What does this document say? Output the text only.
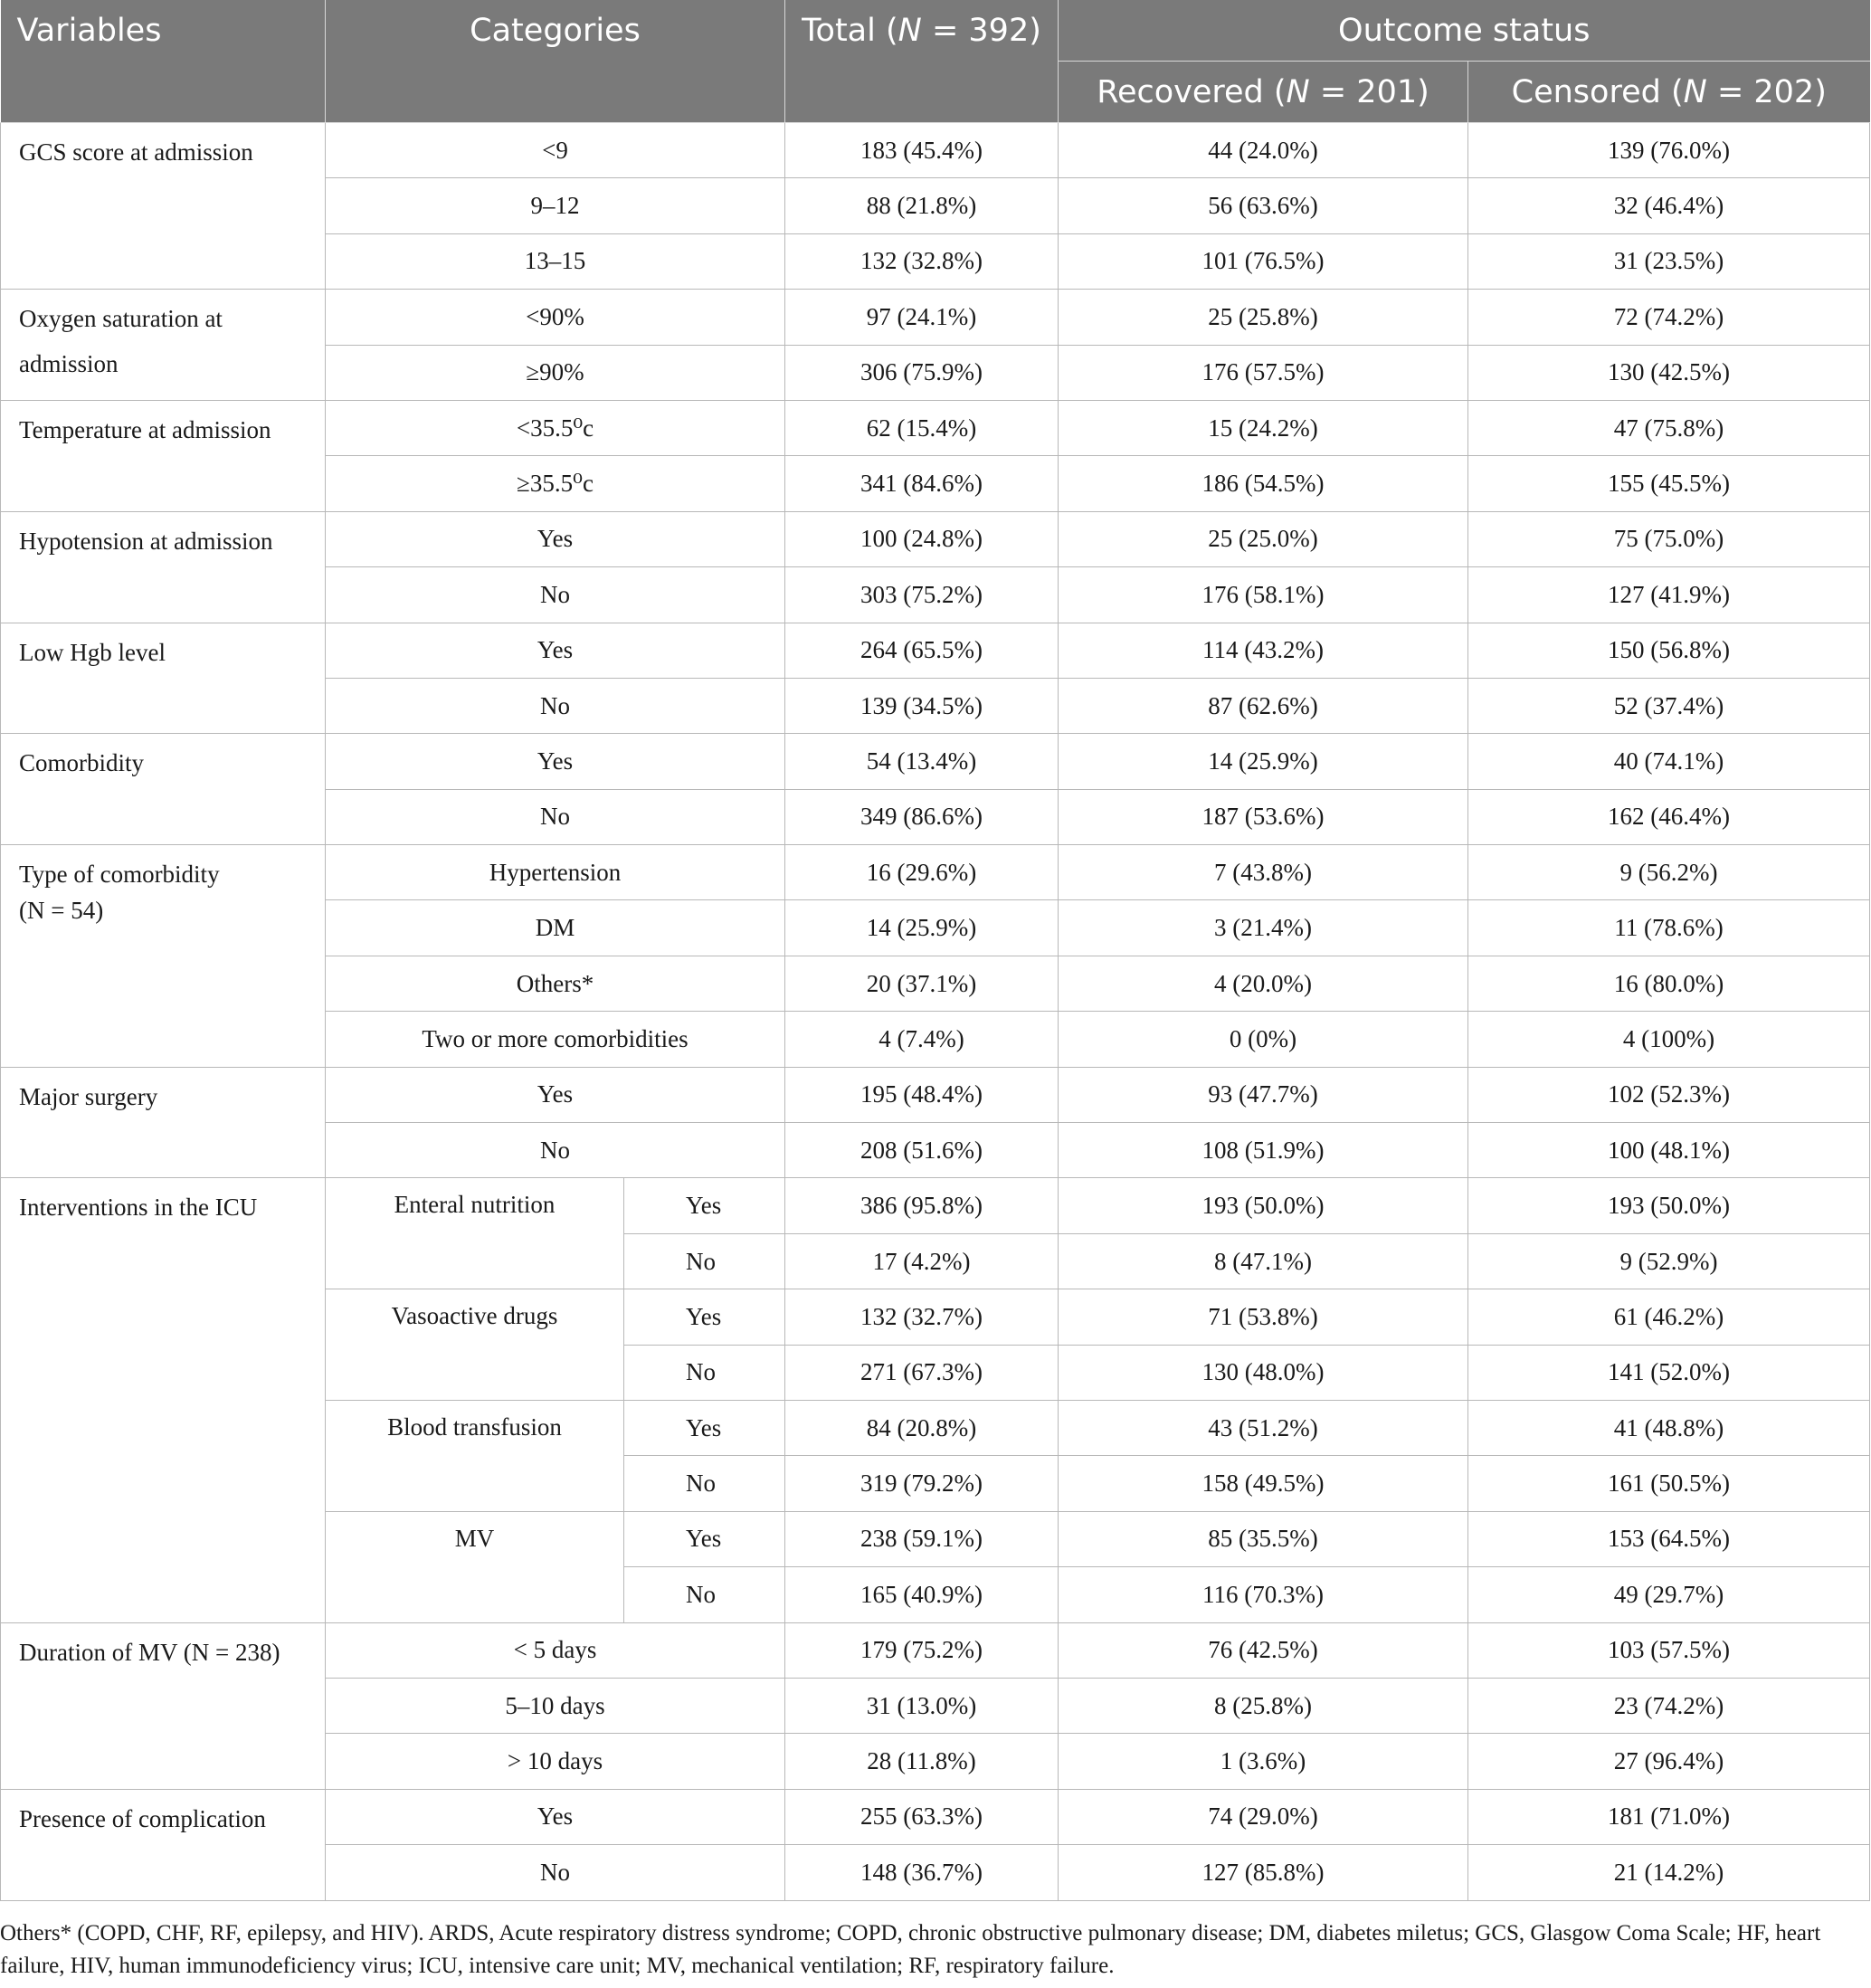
Variables	Categories		Total (N = 392)	Outcome status	
				Recovered (N = 201)	Censored (N = 202)

GCS score at admission	<9		183 (45.4%)	44 (24.0%)	139 (76.0%)
	9–12		88 (21.8%)	56 (63.6%)	32 (46.4%)
	13–15		132 (32.8%)	101 (76.5%)	31 (23.5%)

Oxygen saturation at admission	<90%		97 (24.1%)	25 (25.8%)	72 (74.2%)
	≥90%		306 (75.9%)	176 (57.5%)	130 (42.5%)

Temperature at admission	<35.5⁰c		62 (15.4%)	15 (24.2%)	47 (75.8%)
	≥35.5⁰c		341 (84.6%)	186 (54.5%)	155 (45.5%)

Hypotension at admission	Yes		100 (24.8%)	25 (25.0%)	75 (75.0%)
	No		303 (75.2%)	176 (58.1%)	127 (41.9%)

Low Hgb level	Yes		264 (65.5%)	114 (43.2%)	150 (56.8%)
	No		139 (34.5%)	87 (62.6%)	52 (37.4%)

Comorbidity	Yes		54 (13.4%)	14 (25.9%)	40 (74.1%)
	No		349 (86.6%)	187 (53.6%)	162 (46.4%)

Type of comorbidity
(N = 54)	Hypertension		16 (29.6%)	7 (43.8%)	9 (56.2%)
	DM		14 (25.9%)	3 (21.4%)	11 (78.6%)
	Others*		20 (37.1%)	4 (20.0%)	16 (80.0%)
	Two or more comorbidities		4 (7.4%)	0 (0%)	4 (100%)

Major surgery	Yes		195 (48.4%)	93 (47.7%)	102 (52.3%)
	No		208 (51.6%)	108 (51.9%)	100 (48.1%)

Interventions in the ICU	Enteral nutrition	Yes	386 (95.8%)	193 (50.0%)	193 (50.0%)
		No	17 (4.2%)	8 (47.1%)	9 (52.9%)
	Vasoactive drugs	Yes	132 (32.7%)	71 (53.8%)	61 (46.2%)
		No	271 (67.3%)	130 (48.0%)	141 (52.0%)
	Blood transfusion	Yes	84 (20.8%)	43 (51.2%)	41 (48.8%)
		No	319 (79.2%)	158 (49.5%)	161 (50.5%)
	MV	Yes	238 (59.1%)	85 (35.5%)	153 (64.5%)
		No	165 (40.9%)	116 (70.3%)	49 (29.7%)

Duration of MV (N = 238)	< 5 days		179 (75.2%)	76 (42.5%)	103 (57.5%)
	5–10 days		31 (13.0%)	8 (25.8%)	23 (74.2%)
	> 10 days		28 (11.8%)	1 (3.6%)	27 (96.4%)

Presence of complication	Yes		255 (63.3%)	74 (29.0%)	181 (71.0%)
	No		148 (36.7%)	127 (85.8%)	21 (14.2%)
Others* (COPD, CHF, RF, epilepsy, and HIV). ARDS, Acute respiratory distress syndrome; COPD, chronic obstructive pulmonary disease; DM, diabetes miletus; GCS, Glasgow Coma Scale; HF, heart failure, HIV, human immunodeficiency virus; ICU, intensive care unit; MV, mechanical ventilation; RF, respiratory failure.
